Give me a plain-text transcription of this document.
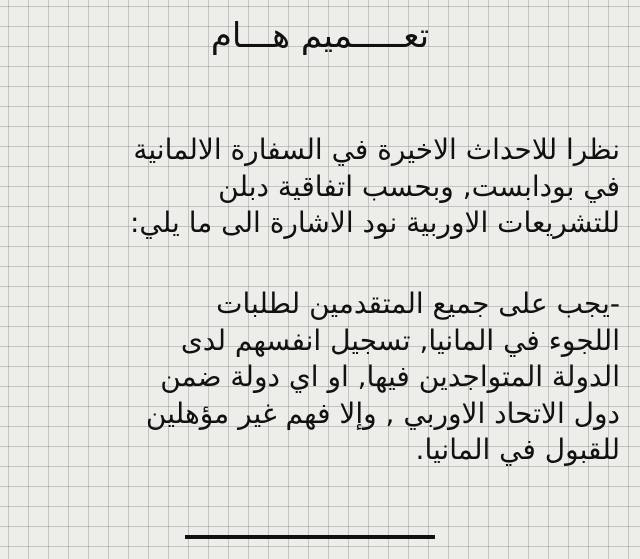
تعـــــميم هـــام

نظرا للاحداث الاخيرة في السفارة الالمانية
في بودابست, وبحسب اتفاقية دبلن
للتشريعات الاوربية نود الاشارة الى ما يلي:

-يجب على جميع المتقدمين لطلبات
اللجوء في المانيا, تسجيل انفسهم لدى
الدولة المتواجدين فيها, او اي دولة ضمن
دول الاتحاد الاوربي , وإلا فهم غير مؤهلين
للقبول في المانيا.
